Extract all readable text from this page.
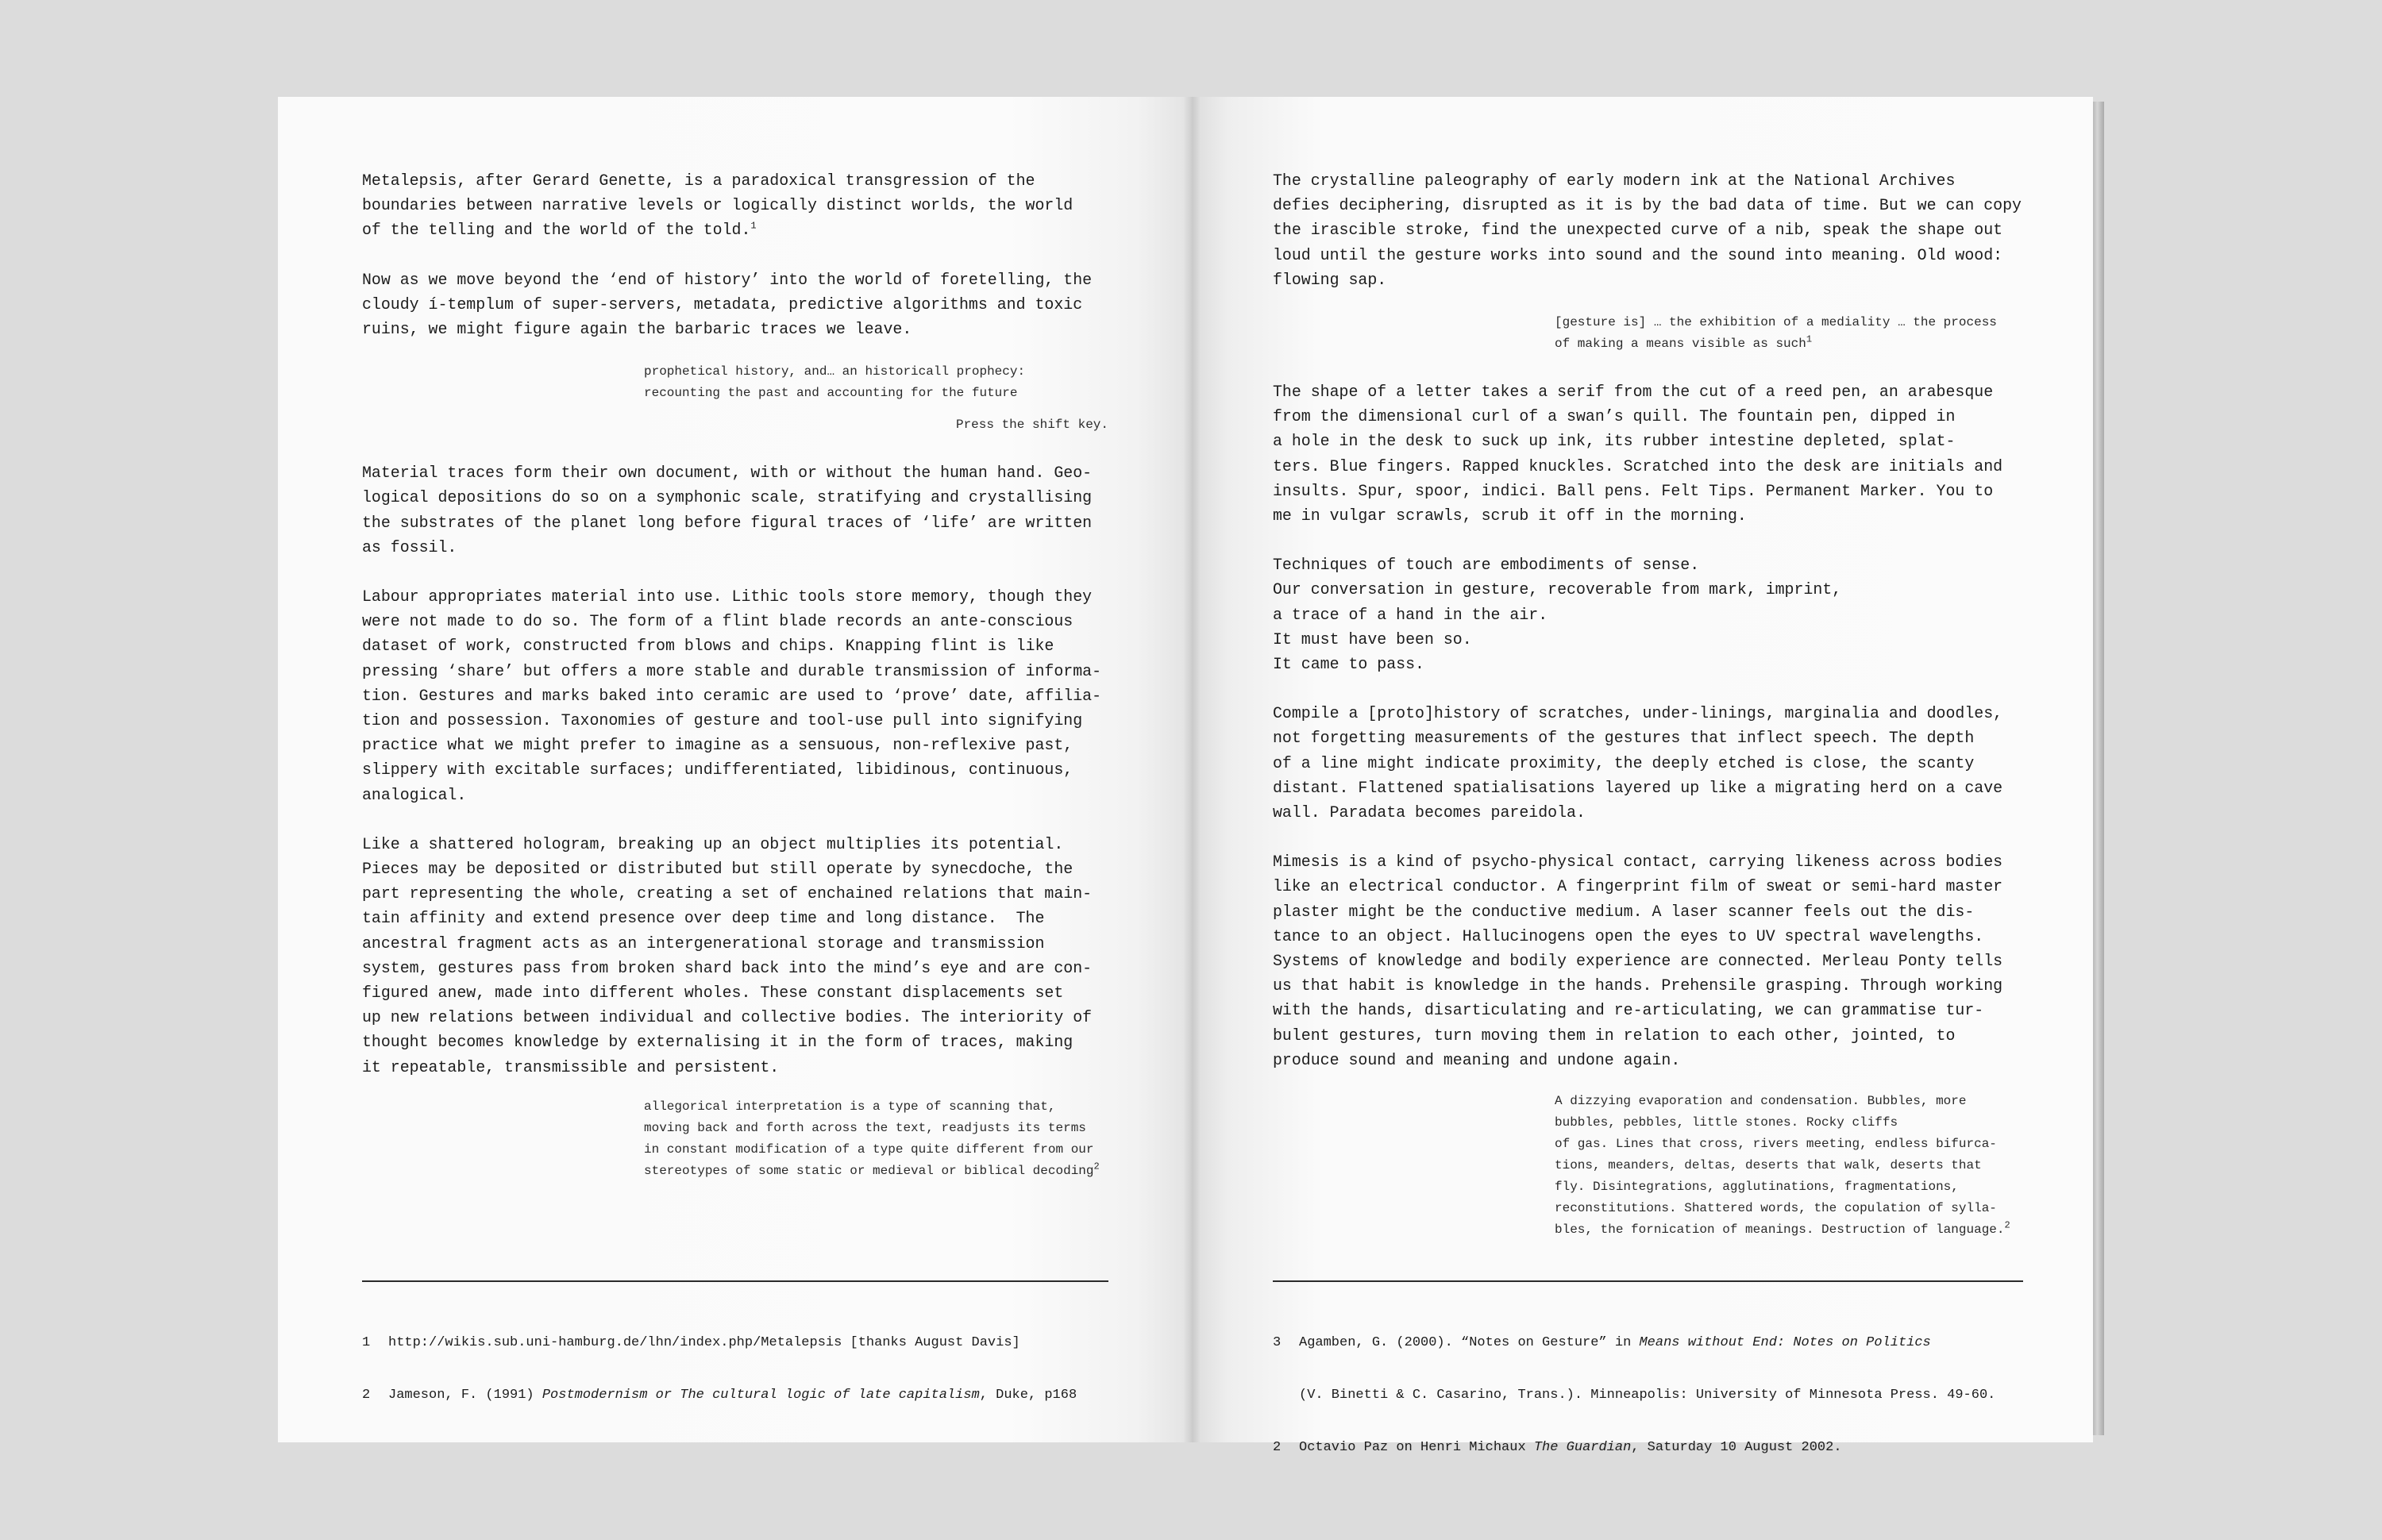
Metalepsis, after Gerard Genette, is a paradoxical transgression of the
boundaries between narrative levels or logically distinct worlds, the world
of the telling and the world of the told.$^1$

Now as we move beyond the ‘end of history’ into the world of foretelling, the
cloudy í-templum of super-servers, metadata, predictive algorithms and toxic
ruins, we might figure again the barbaric traces we leave.

prophetical history, and… an historicall prophecy:
recounting the past and accounting for the future
Press the shift key.

Material traces form their own document, with or without the human hand. Geo-
logical depositions do so on a symphonic scale, stratifying and crystallising
the substrates of the planet long before figural traces of ‘life’ are written
as fossil.

Labour appropriates material into use. Lithic tools store memory, though they
were not made to do so. The form of a flint blade records an ante-conscious
dataset of work, constructed from blows and chips. Knapping flint is like
pressing ‘share’ but offers a more stable and durable transmission of informa-
tion. Gestures and marks baked into ceramic are used to ‘prove’ date, affilia-
tion and possession. Taxonomies of gesture and tool-use pull into signifying
practice what we might prefer to imagine as a sensuous, non-reflexive past,
slippery with excitable surfaces; undifferentiated, libidinous, continuous,
analogical.

Like a shattered hologram, breaking up an object multiplies its potential.
Pieces may be deposited or distributed but still operate by synecdoche, the
part representing the whole, creating a set of enchained relations that main-
tain affinity and extend presence over deep time and long distance.  The
ancestral fragment acts as an intergenerational storage and transmission
system, gestures pass from broken shard back into the mind’s eye and are con-
figured anew, made into different wholes. These constant displacements set
up new relations between individual and collective bodies. The interiority of
thought becomes knowledge by externalising it in the form of traces, making
it repeatable, transmissible and persistent.

allegorical interpretation is a type of scanning that,
moving back and forth across the text, readjusts its terms
in constant modification of a type quite different from our
stereotypes of some static or medieval or biblical decoding$^2$

1 http://wikis.sub.uni-hamburg.de/lhn/index.php/Metalepsis [thanks August Davis]

2 Jameson, F. (1991) Postmodernism or The cultural logic of late capitalism, Duke, p168

The crystalline paleography of early modern ink at the National Archives
defies deciphering, disrupted as it is by the bad data of time. But we can copy
the irascible stroke, find the unexpected curve of a nib, speak the shape out
loud until the gesture works into sound and the sound into meaning. Old wood:
flowing sap.

[gesture is] … the exhibition of a mediality … the process
of making a means visible as such$^1$

The shape of a letter takes a serif from the cut of a reed pen, an arabesque
from the dimensional curl of a swan’s quill. The fountain pen, dipped in
a hole in the desk to suck up ink, its rubber intestine depleted, splat-
ters. Blue fingers. Rapped knuckles. Scratched into the desk are initials and
insults. Spur, spoor, indici. Ball pens. Felt Tips. Permanent Marker. You to
me in vulgar scrawls, scrub it off in the morning.

Techniques of touch are embodiments of sense.
Our conversation in gesture, recoverable from mark, imprint,
a trace of a hand in the air.
It must have been so.
It came to pass.

Compile a [proto]history of scratches, under-linings, marginalia and doodles,
not forgetting measurements of the gestures that inflect speech. The depth
of a line might indicate proximity, the deeply etched is close, the scanty
distant. Flattened spatialisations layered up like a migrating herd on a cave
wall. Paradata becomes pareidola.

Mimesis is a kind of psycho-physical contact, carrying likeness across bodies
like an electrical conductor. A fingerprint film of sweat or semi-hard master
plaster might be the conductive medium. A laser scanner feels out the dis-
tance to an object. Hallucinogens open the eyes to UV spectral wavelengths.
Systems of knowledge and bodily experience are connected. Merleau Ponty tells
us that habit is knowledge in the hands. Prehensile grasping. Through working
with the hands, disarticulating and re-articulating, we can grammatise tur-
bulent gestures, turn moving them in relation to each other, jointed, to
produce sound and meaning and undone again.

A dizzying evaporation and condensation. Bubbles, more
bubbles, pebbles, little stones. Rocky cliffs
of gas. Lines that cross, rivers meeting, endless bifurca-
tions, meanders, deltas, deserts that walk, deserts that
fly. Disintegrations, agglutinations, fragmentations,
reconstitutions. Shattered words, the copulation of sylla-
bles, the fornication of meanings. Destruction of language.$^2$

3 Agamben, G. (2000). “Notes on Gesture” in Means without End: Notes on Politics

(V. Binetti & C. Casarino, Trans.). Minneapolis: University of Minnesota Press. 49-60.

2 Octavio Paz on Henri Michaux The Guardian, Saturday 10 August 2002.
